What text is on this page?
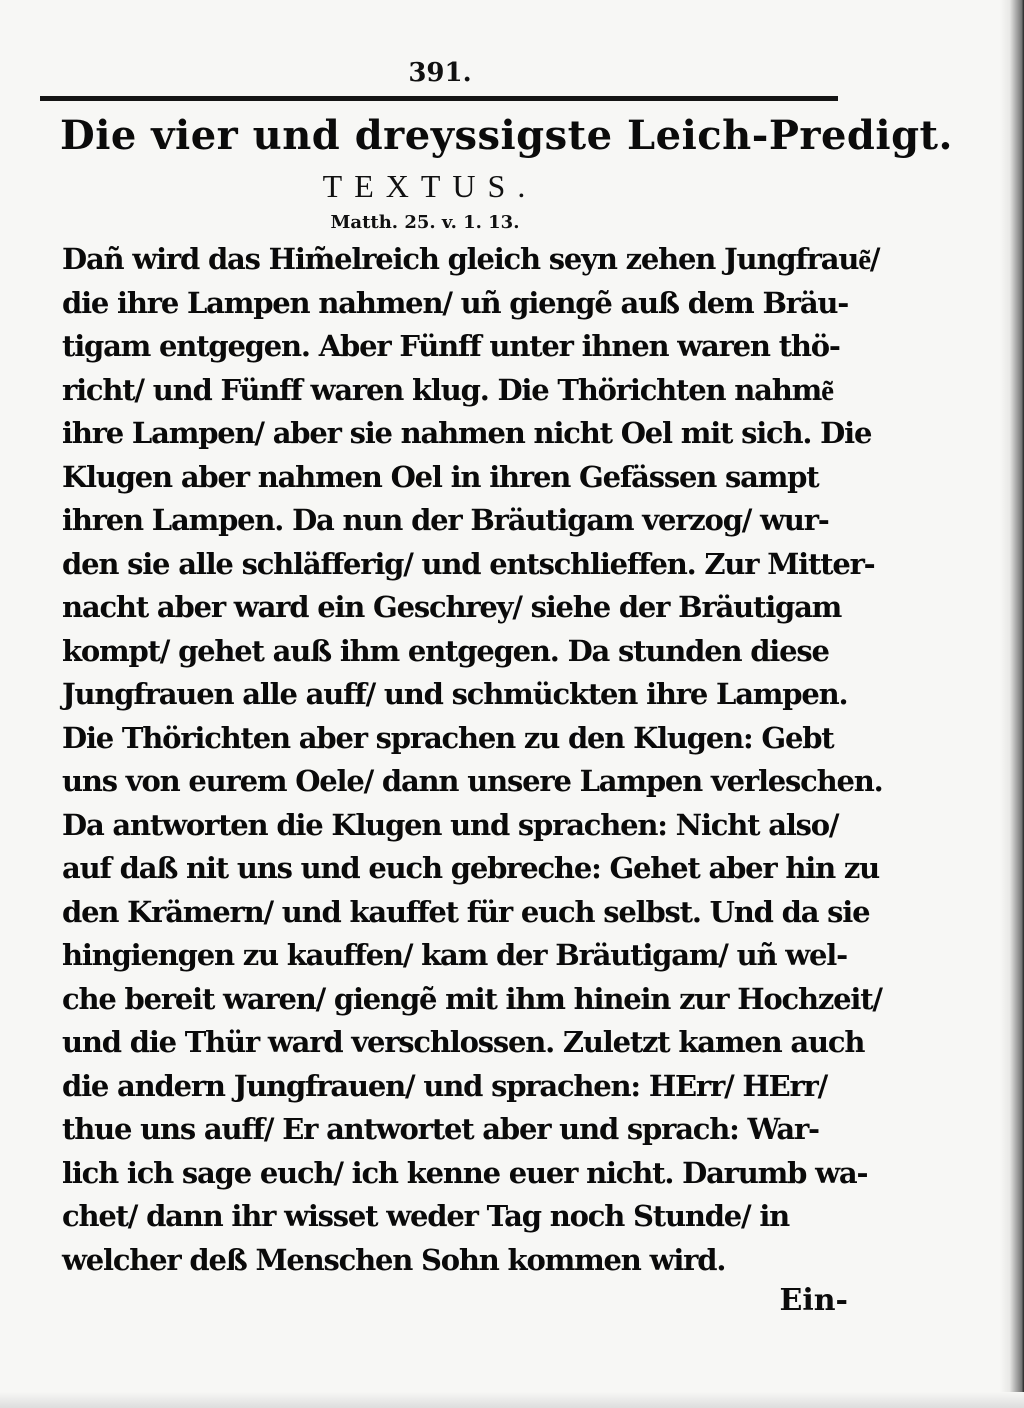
391.
Die vier und dreyssigste Leich-Predigt.
TEXTUS.
Matth. 25. v. 1. 13.
Dañ wird das Him̃elreich gleich seyn zehen Jungfraue͂/
die ihre Lampen nahmen/ uñ giengẽ auß dem Bräu-
tigam entgegen. Aber Fünff unter ihnen waren thö-
richt/ und Fünff waren klug. Die Thörichten nahme͂
ihre Lampen/ aber sie nahmen nicht Oel mit sich. Die
Klugen aber nahmen Oel in ihren Gefässen sampt
ihren Lampen. Da nun der Bräutigam verzog/ wur-
den sie alle schläfferig/ und entschlieffen. Zur Mitter-
nacht aber ward ein Geschrey/ siehe der Bräutigam
kompt/ gehet auß ihm entgegen. Da stunden diese
Jungfrauen alle auff/ und schmückten ihre Lampen.
Die Thörichten aber sprachen zu den Klugen: Gebt
uns von eurem Oele/ dann unsere Lampen verleschen.
Da antworten die Klugen und sprachen: Nicht also/
auf daß nit uns und euch gebreche: Gehet aber hin zu
den Krämern/ und kauffet für euch selbst. Und da sie
hingiengen zu kauffen/ kam der Bräutigam/ uñ wel-
che bereit waren/ giengẽ mit ihm hinein zur Hochzeit/
und die Thür ward verschlossen. Zuletzt kamen auch
die andern Jungfrauen/ und sprachen: HErr/ HErr/
thue uns auff/ Er antwortet aber und sprach: War-
lich ich sage euch/ ich kenne euer nicht. Darumb wa-
chet/ dann ihr wisset weder Tag noch Stunde/ in
welcher deß Menschen Sohn kommen wird.
Ein-
